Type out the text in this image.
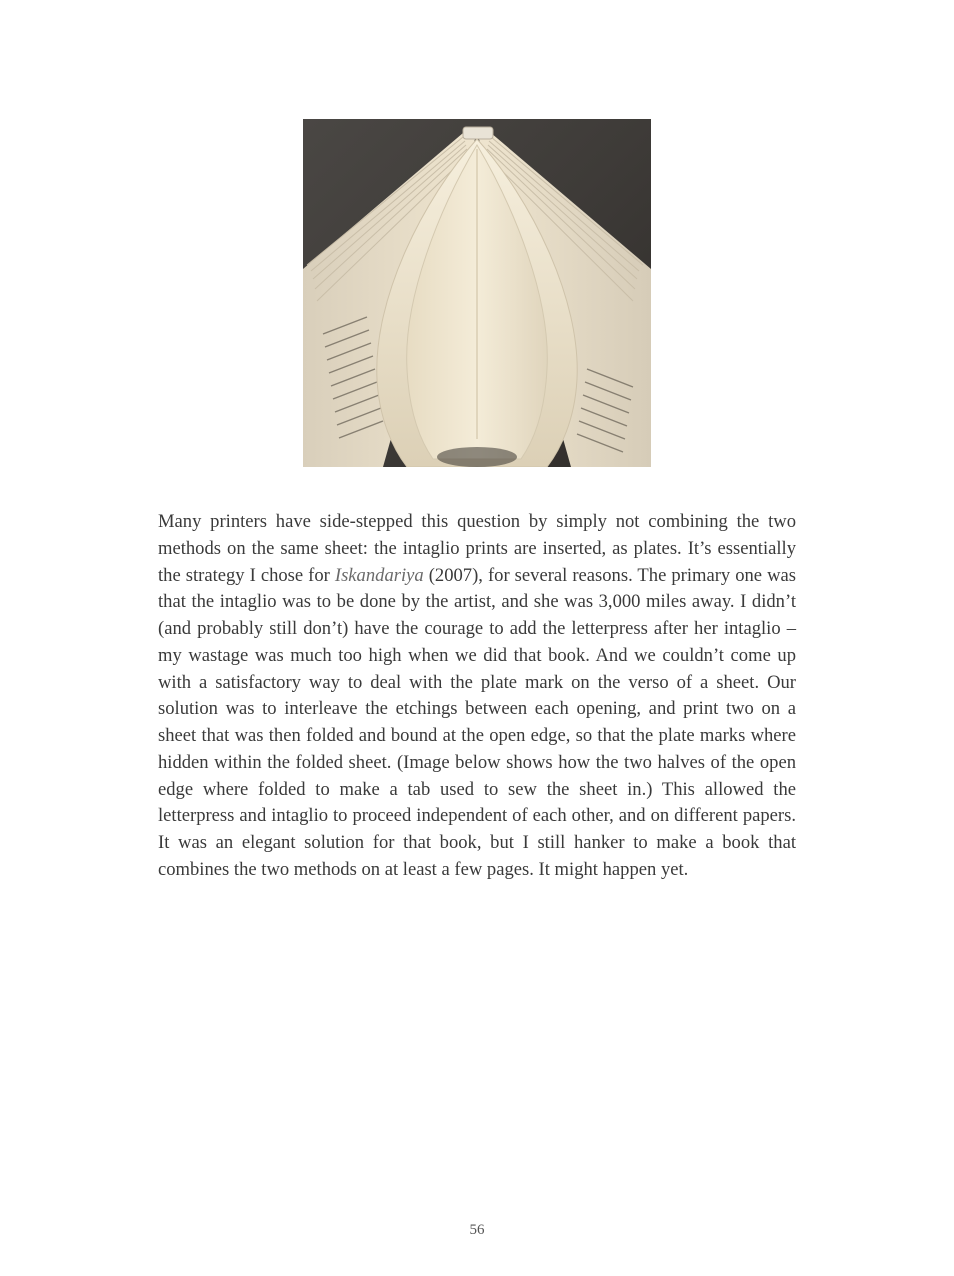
Many printers have side-stepped this question by simply not combining the two methods on the same sheet: the intaglio prints are inserted, as plates. It’s essentially the strategy I chose for Iskandariya (2007), for several reasons. The primary one was that the intaglio was to be done by the artist, and she was 3,000 miles away. I didn’t (and probably still don’t) have the courage to add the letterpress after her intaglio – my wastage was much too high when we did that book. And we couldn’t come up with a satisfactory way to deal with the plate mark on the verso of a sheet. Our solution was to interleave the etchings between each opening, and print two on a sheet that was then folded and bound at the open edge, so that the plate marks where hidden within the folded sheet. (Image below shows how the two halves of the open edge where folded to make a tab used to sew the sheet in.) This allowed the letterpress and intaglio to proceed independent of each other, and on different papers. It was an elegant solution for that book, but I still hanker to make a book that combines the two methods on at least a few pages. It might happen yet.

56
